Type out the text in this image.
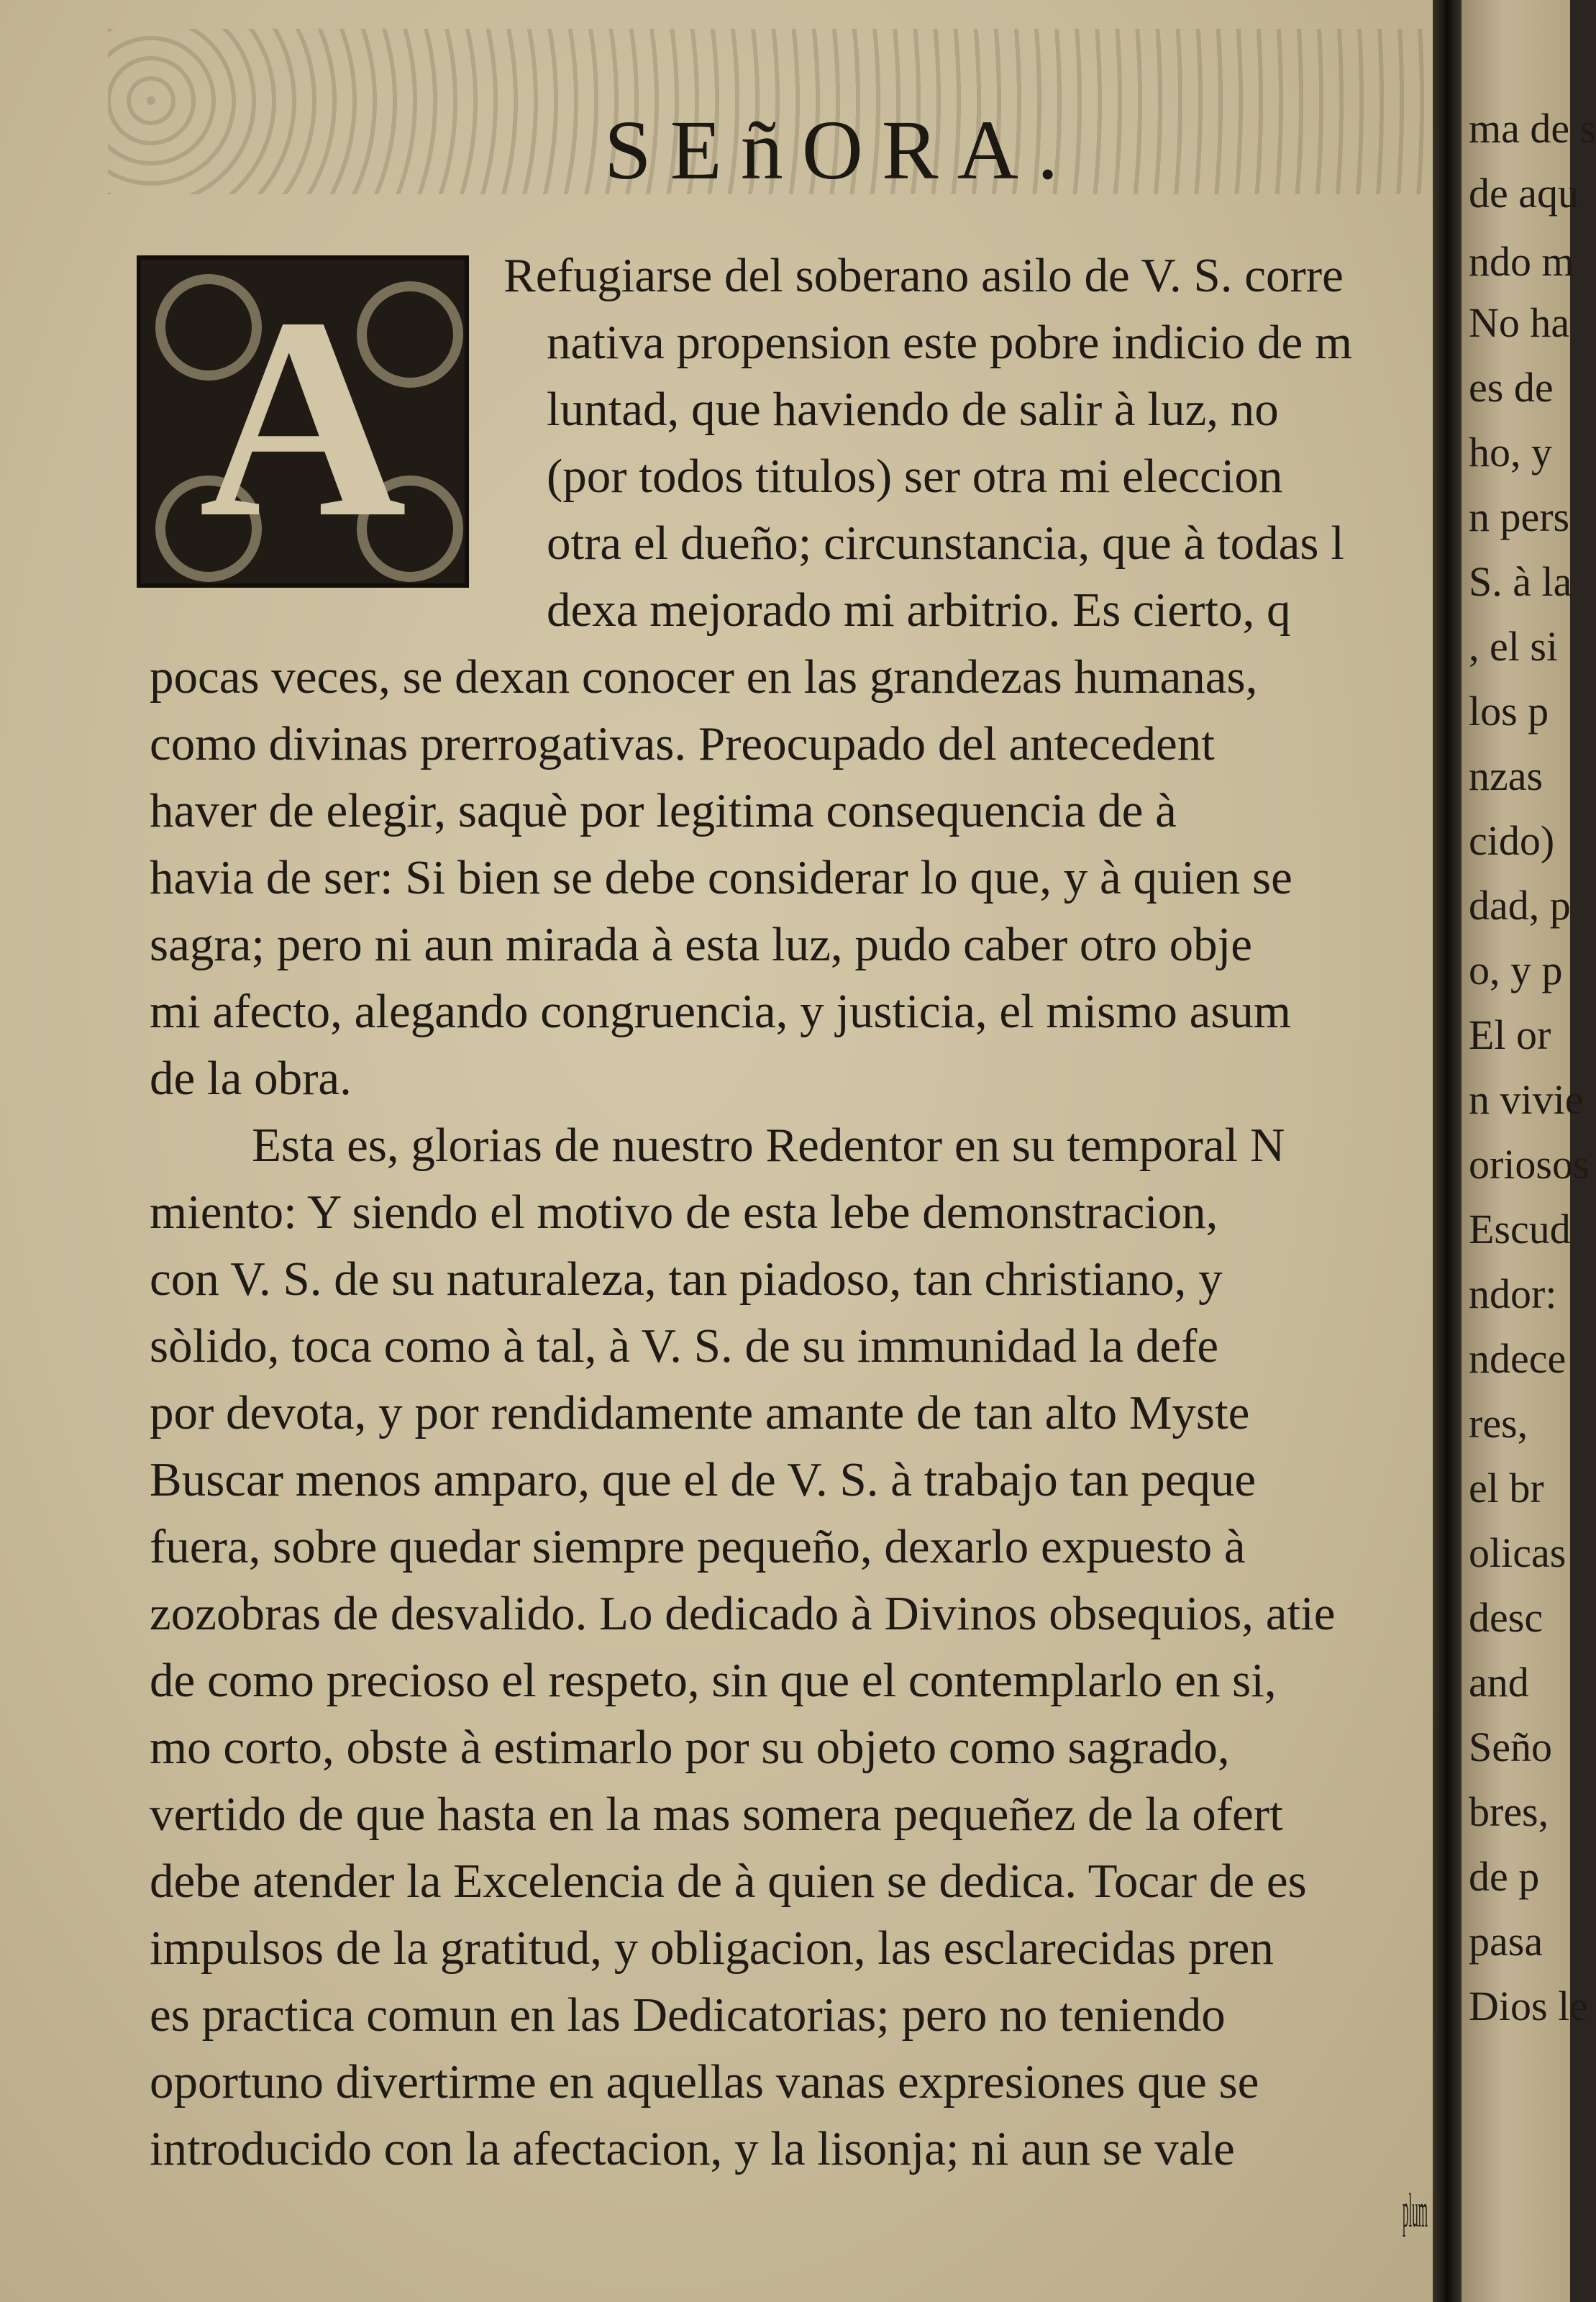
SEñORA.
A	Refugiarse del soberano asilo de V. S. corre
nativa propension este pobre indicio de m
luntad, que haviendo de salir à luz, no
(por todos titulos) ser otra mi eleccion
otra el dueño; circunstancia, que à todas l
dexa mejorado mi arbitrio. Es cierto, q
pocas veces, se dexan conocer en las grandezas humanas,
como divinas prerrogativas. Preocupado del antecedent
haver de elegir, saquè por legitima consequencia de à
havia de ser: Si bien se debe considerar lo que, y à quien se
sagra; pero ni aun mirada à esta luz, pudo caber otro obje
mi afecto, alegando congruencia, y justicia, el mismo asum
de la obra.
Esta es, glorias de nuestro Redentor en su temporal N
miento: Y siendo el motivo de esta lebe demonstracion,
con V. S. de su naturaleza, tan piadoso, tan christiano, y
sòlido, toca como à tal, à V. S. de su immunidad la defe
por devota, y por rendidamente amante de tan alto Myste
Buscar menos amparo, que el de V. S. à trabajo tan peque
fuera, sobre quedar siempre pequeño, dexarlo expuesto à
zozobras de desvalido. Lo dedicado à Divinos obsequios, atie
de como precioso el respeto, sin que el contemplarlo en si,
mo corto, obste à estimarlo por su objeto como sagrado,
vertido de que hasta en la mas somera pequeñez de la ofert
debe atender la Excelencia de à quien se dedica. Tocar de es
impulsos de la gratitud, y obligacion, las esclarecidas pren
es practica comun en las Dedicatorias; pero no teniendo
oportuno divertirme en aquellas vanas expresiones que se
introducido con la afectacion, y la lisonja; ni aun se vale
plum
ma de s
de aqu
ndo m
No ha
es de
ho, y
n pers
S. à la
, el si
los p
nzas
cido)
dad, p
o, y p
El or
n vivie
oriosos
Escud
ndor:
ndece
res,
el br
olicas
desc
and
Seño
bres,
de p
pasa
Dios le
